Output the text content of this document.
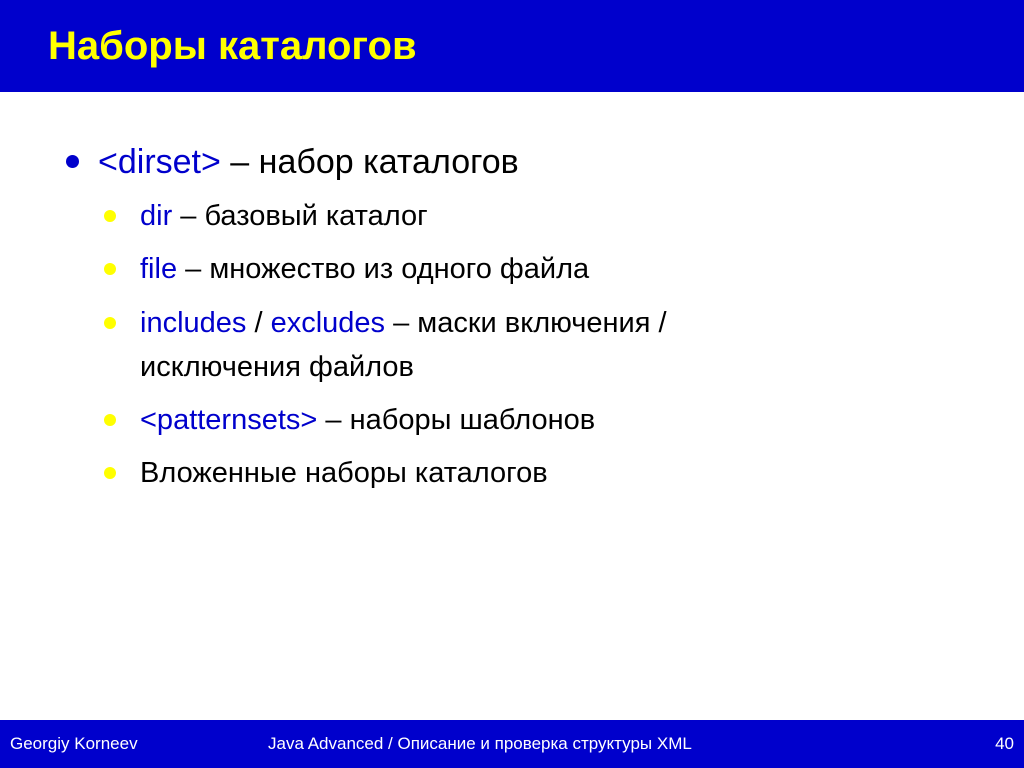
Наборы каталогов
<dirset> – набор каталогов
dir – базовый каталог
file – множество из одного файла
includes / excludes – маски включения /
исключения файлов
<patternsets> – наборы шаблонов
Вложенные наборы каталогов
Georgiy Korneev	Java Advanced / Описание и проверка структуры XML	40
